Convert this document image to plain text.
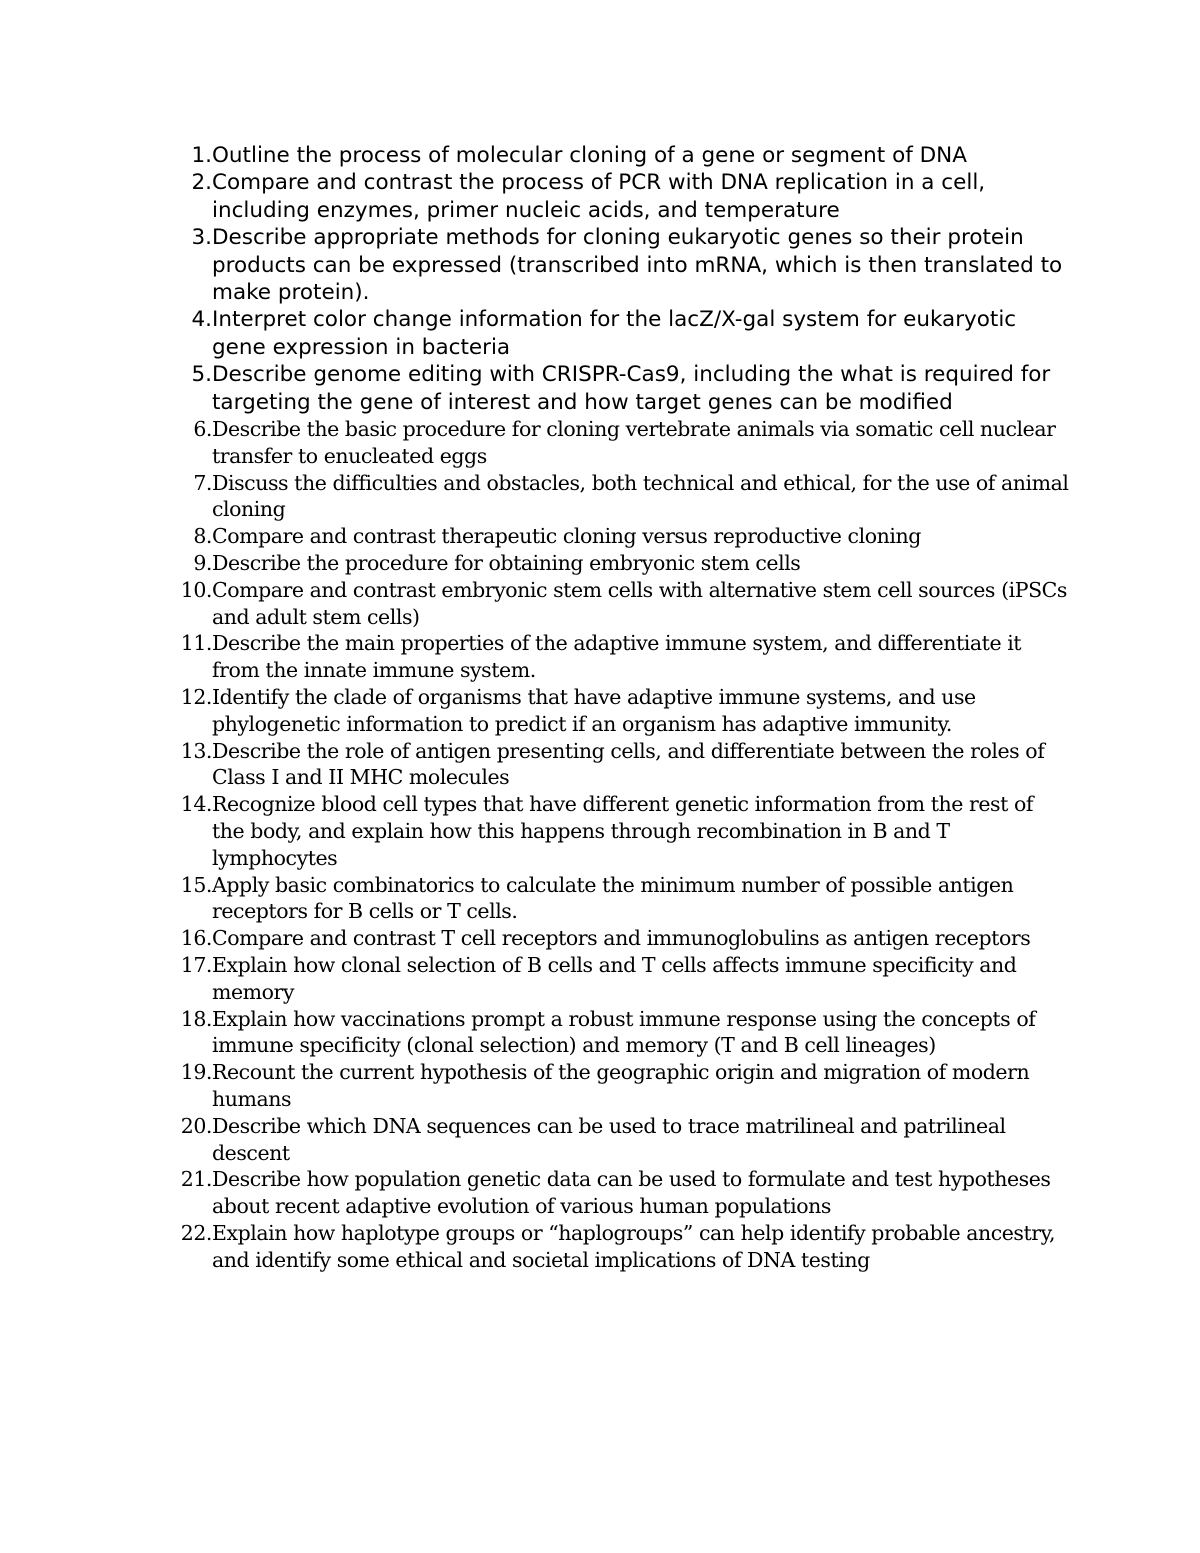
1. Outline the process of molecular cloning of a gene or segment of DNA
2. Compare and contrast the process of PCR with DNA replication in a cell, including enzymes, primer nucleic acids, and temperature
3. Describe appropriate methods for cloning eukaryotic genes so their protein products can be expressed (transcribed into mRNA, which is then translated to make protein).
4. Interpret color change information for the lacZ/X-gal system for eukaryotic gene expression in bacteria
5. Describe genome editing with CRISPR-Cas9, including the what is required for targeting the gene of interest and how target genes can be modified
6. Describe the basic procedure for cloning vertebrate animals via somatic cell nuclear transfer to enucleated eggs
7. Discuss the difficulties and obstacles, both technical and ethical, for the use of animal cloning
8. Compare and contrast therapeutic cloning versus reproductive cloning
9. Describe the procedure for obtaining embryonic stem cells
10. Compare and contrast embryonic stem cells with alternative stem cell sources (iPSCs and adult stem cells)
11. Describe the main properties of the adaptive immune system, and differentiate it from the innate immune system.
12. Identify the clade of organisms that have adaptive immune systems, and use phylogenetic information to predict if an organism has adaptive immunity.
13. Describe the role of antigen presenting cells, and differentiate between the roles of Class I and II MHC molecules
14. Recognize blood cell types that have different genetic information from the rest of the body, and explain how this happens through recombination in B and T lymphocytes
15. Apply basic combinatorics to calculate the minimum number of possible antigen receptors for B cells or T cells.
16. Compare and contrast T cell receptors and immunoglobulins as antigen receptors
17. Explain how clonal selection of B cells and T cells affects immune specificity and memory
18. Explain how vaccinations prompt a robust immune response using the concepts of immune specificity (clonal selection) and memory (T and B cell lineages)
19. Recount the current hypothesis of the geographic origin and migration of modern humans
20. Describe which DNA sequences can be used to trace matrilineal and patrilineal descent
21. Describe how population genetic data can be used to formulate and test hypotheses about recent adaptive evolution of various human populations
22. Explain how haplotype groups or “haplogroups” can help identify probable ancestry, and identify some ethical and societal implications of DNA testing
